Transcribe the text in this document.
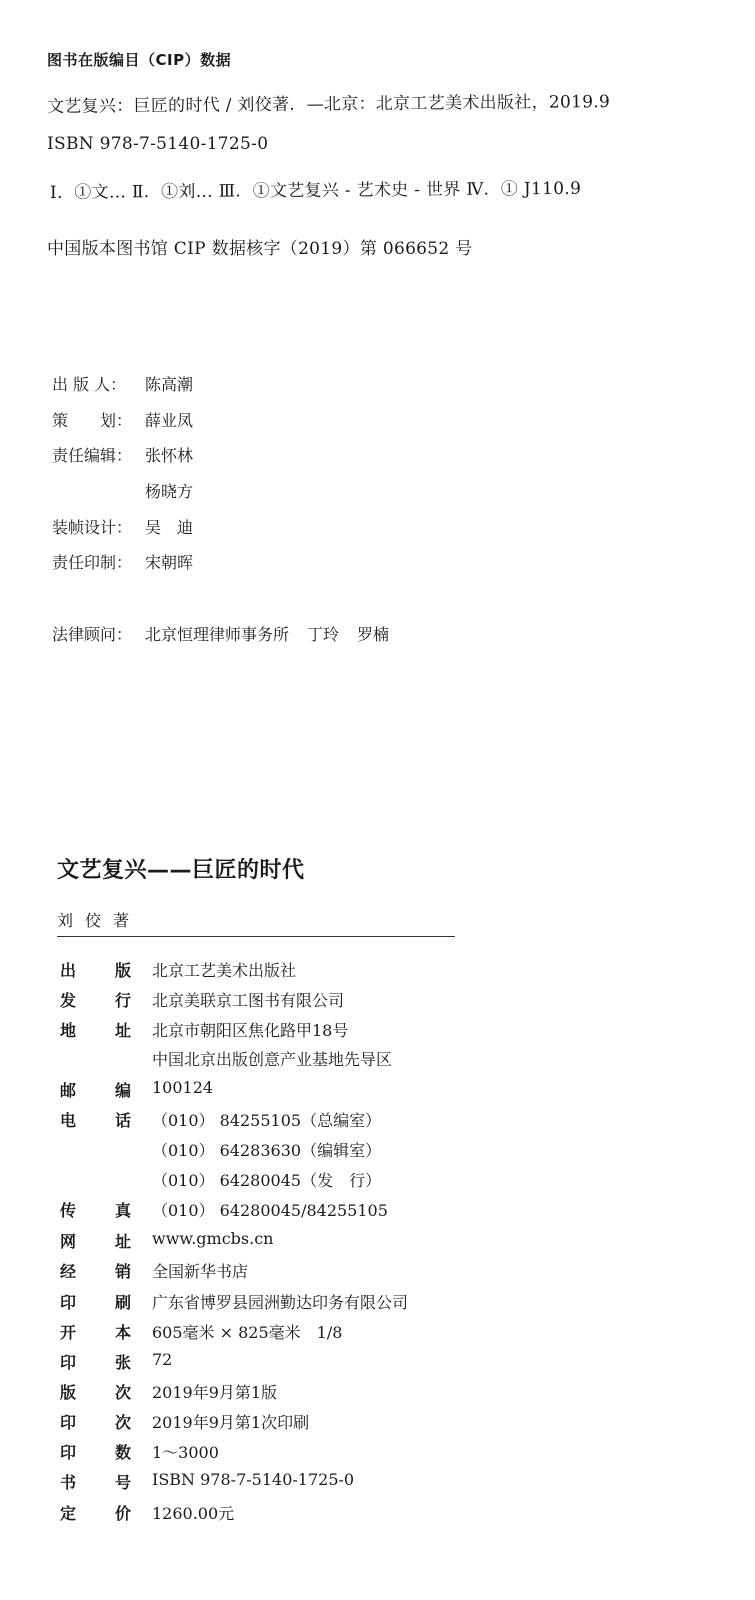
图书在版编目（CIP）数据
文艺复兴：巨匠的时代 / 刘佼著．—北京：北京工艺美术出版社，2019.9
ISBN 978-7-5140-1725-0
Ⅰ．①文… Ⅱ．①刘… Ⅲ．①文艺复兴 - 艺术史 - 世界 Ⅳ．① J110.9
中国版本图书馆 CIP 数据核字（2019）第 066652 号
出 版 人：	陈高潮
策　　划： 薛业凤
责任编辑： 张怀林
杨晓方
装帧设计： 吴　迪
责任印制： 宋朝晖
法律顾问： 北京恒理律师事务所 丁玲 罗楠
文艺复兴——巨匠的时代
刘佼著
出 版 北京工艺美术出版社
发 行 北京美联京工图书有限公司
地 址 北京市朝阳区焦化路甲18号
中国北京出版创意产业基地先导区
邮 编 100124
电 话 （010） 84255105（总编室）
（010） 64283630（编辑室）
（010） 64280045（发　行）
传 真 （010） 64280045/84255105
网 址 www.gmcbs.cn
经 销 全国新华书店
印 刷 广东省博罗县园洲勤达印务有限公司
开 本 605毫米 × 825毫米　1/8
印 张 72
版 次 2019年9月第1版
印 次 2019年9月第1次印刷
印 数 1～3000
书 号 ISBN 978-7-5140-1725-0
定 价 1260.00元
